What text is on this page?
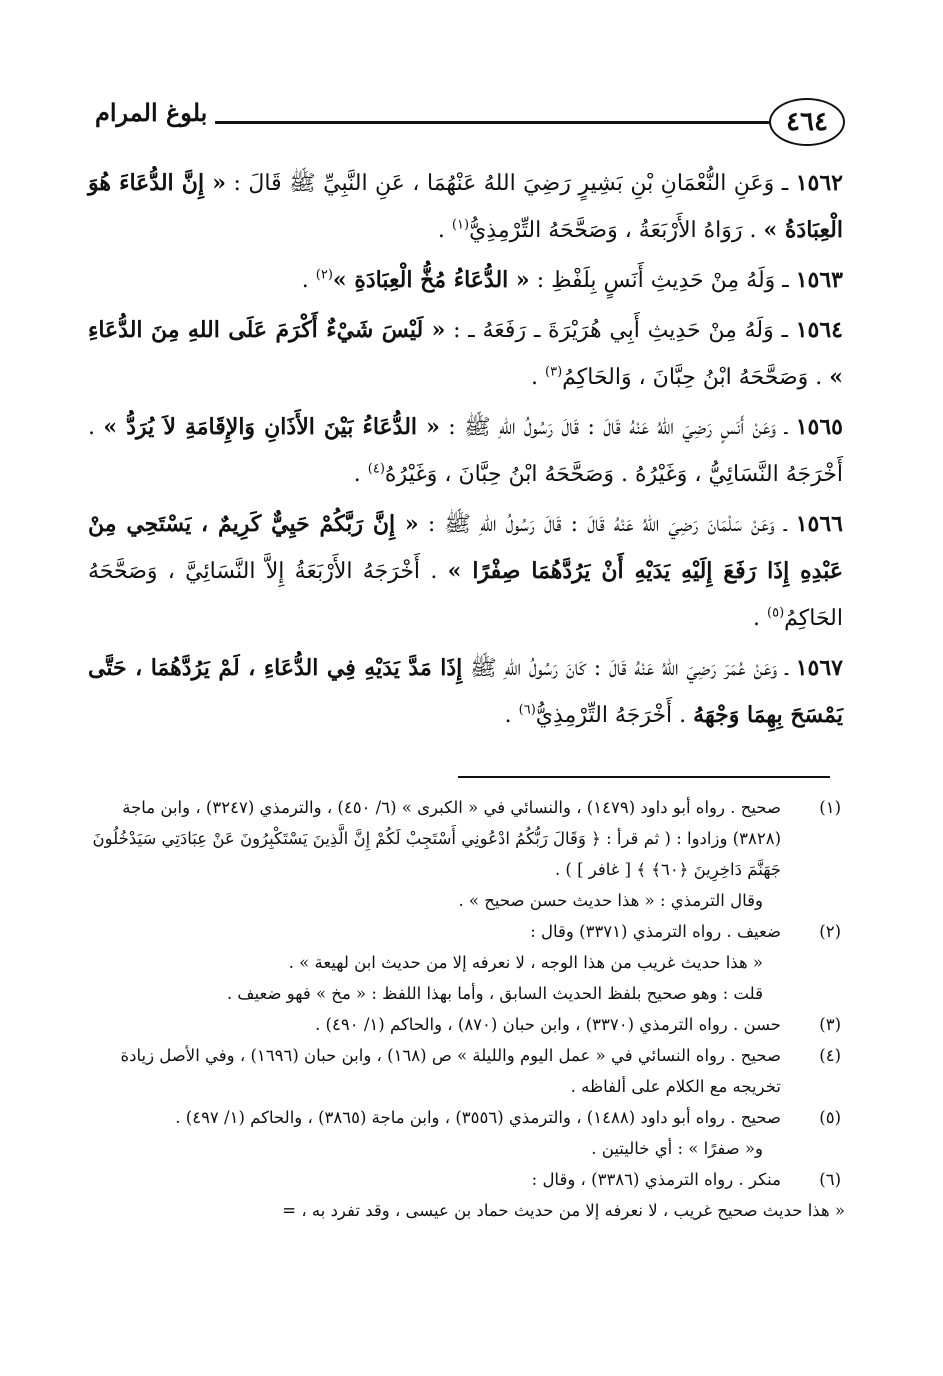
٤٦٤
بلوغ المرام

١٥٦٢ ـ وَعَنِ النُّعْمَانِ بْنِ بَشِيرٍ رَضِيَ اللهُ عَنْهُمَا ، عَنِ النَّبِيِّ ﷺ قَالَ : « إِنَّ الدُّعَاءَ هُوَ الْعِبَادَةُ » . رَوَاهُ الأَرْبَعَةُ ، وَصَحَّحَهُ التِّرْمِذِيُّ$^{(١)}$ .

١٥٦٣ ـ وَلَهُ مِنْ حَدِيثِ أَنَسٍ بِلَفْظِ : « الدُّعَاءُ مُخُّ الْعِبَادَةِ »$^{(٢)}$ .

١٥٦٤ ـ وَلَهُ مِنْ حَدِيثِ أَبِي هُرَيْرَةَ ـ رَفَعَهُ ـ : « لَيْسَ شَيْءٌ أَكْرَمَ عَلَى اللهِ مِنَ الدُّعَاءِ » . وَصَحَّحَهُ ابْنُ حِبَّانَ ، وَالحَاكِمُ$^{(٣)}$ .

١٥٦٥ ـ وَعَنْ أَنَسٍ رَضِيَ اللهُ عَنْهُ قَالَ : قَالَ رَسُولُ اللهِ ﷺ : « الدُّعَاءُ بَيْنَ الأَذَانِ وَالإِقَامَةِ لاَ يُرَدُّ » . أَخْرَجَهُ النَّسَائِيُّ ، وَغَيْرُهُ . وَصَحَّحَهُ ابْنُ حِبَّانَ ، وَغَيْرُهُ$^{(٤)}$ .

١٥٦٦ ـ وَعَنْ سَلْمَانَ رَضِيَ اللهُ عَنْهُ قَالَ : قَالَ رَسُولُ اللهِ ﷺ : « إِنَّ رَبَّكُمْ حَيِيٌّ كَرِيمٌ ، يَسْتَحِي مِنْ عَبْدِهِ إِذَا رَفَعَ إِلَيْهِ يَدَيْهِ أَنْ يَرُدَّهُمَا صِفْرًا » . أَخْرَجَهُ الأَرْبَعَةُ إِلاَّ النَّسَائِيَّ ، وَصَحَّحَهُ الحَاكِمُ$^{(٥)}$ .

١٥٦٧ ـ وَعَنْ عُمَرَ رَضِيَ اللهُ عَنْهُ قَالَ : كَانَ رَسُولُ اللهِ ﷺ إِذَا مَدَّ يَدَيْهِ فِي الدُّعَاءِ ، لَمْ يَرُدَّهُمَا ، حَتَّى يَمْسَحَ بِهِمَا وَجْهَهُ . أَخْرَجَهُ التِّرْمِذِيُّ$^{(٦)}$ .

(١)

صحيح . رواه أبو داود (١٤٧٩) ، والنسائي في « الكبرى » (٦/ ٤٥٠) ، والترمذي (٣٢٤٧) ، وابن ماجة (٣٨٢٨) وزادوا : ( ثم قرأ : ﴿ وَقَالَ رَبُّكُمُ ادْعُونِي أَسْتَجِبْ لَكُمْ إِنَّ الَّذِينَ يَسْتَكْبِرُونَ عَنْ عِبَادَتِي سَيَدْخُلُونَ جَهَنَّمَ دَاخِرِينَ ﴿٦٠﴾ ﴾ [ غافر ] ) .

وقال الترمذي : « هذا حديث حسن صحيح » .

(٢)

ضعيف . رواه الترمذي (٣٣٧١) وقال :

« هذا حديث غريب من هذا الوجه ، لا نعرفه إلا من حديث ابن لهيعة » .

قلت : وهو صحيح بلفظ الحديث السابق ، وأما بهذا اللفظ : « مخ » فهو ضعيف .

(٣)

حسن . رواه الترمذي (٣٣٧٠) ، وابن حبان (٨٧٠) ، والحاكم (١/ ٤٩٠) .

(٤)

صحيح . رواه النسائي في « عمل اليوم والليلة » ص (١٦٨) ، وابن حبان (١٦٩٦) ، وفي الأصل زيادة تخريجه مع الكلام على ألفاظه .

(٥)

صحيح . رواه أبو داود (١٤٨٨) ، والترمذي (٣٥٥٦) ، وابن ماجة (٣٨٦٥) ، والحاكم (١/ ٤٩٧) .

و« صفرًا » : أي خاليتين .

(٦)

منكر . رواه الترمذي (٣٣٨٦) ، وقال :

« هذا حديث صحيح غريب ، لا نعرفه إلا من حديث حماد بن عيسى ، وقد تفرد به ، =
